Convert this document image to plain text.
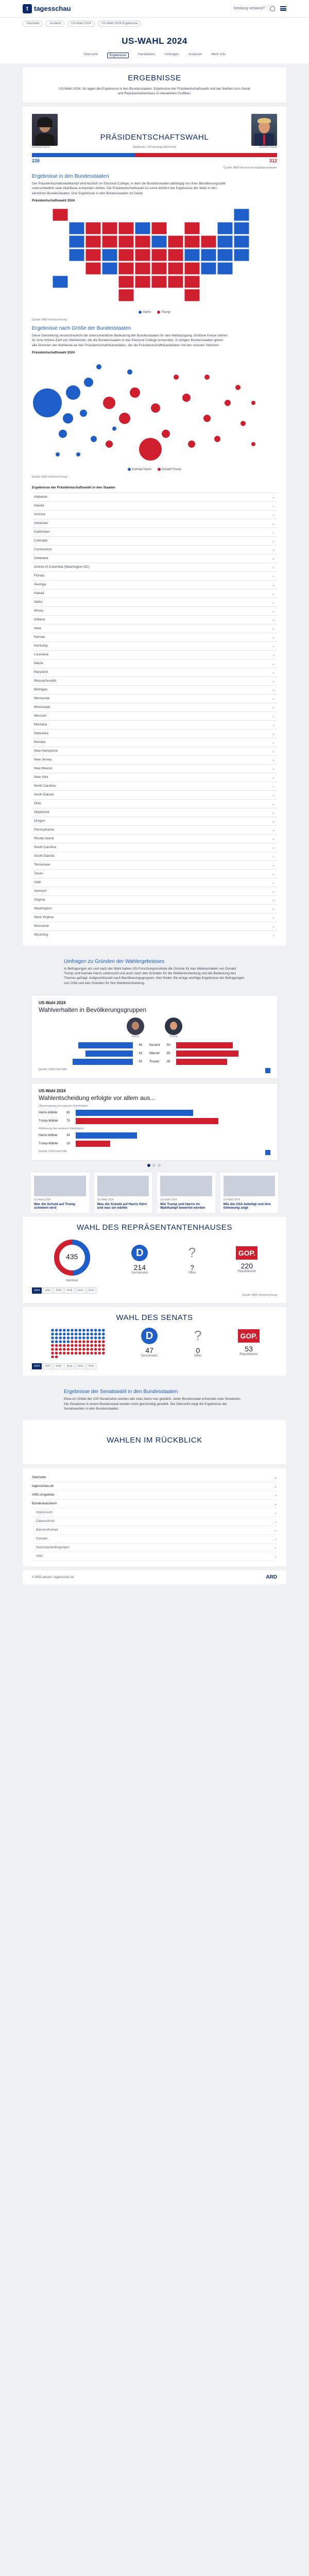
t tagesschau	Sendung verpasst?
Startseite	Ausland	US-Wahl 2024	US-Wahl 2024 Ergebnisse
US-WAHL 2024
Übersicht	Ergebnisse	Kandidaten	Umfragen	Analysen	Mehr Info
ERGEBNISSE

US-Wahl 2024: So lagen die Ergebnisse in den Bundesstaaten. Ergebnisse der Präsidentschaftswahl und der Wahlen zum Senat und Repräsentantenhaus in interaktiven Grafiken.

Kamala Harris
PRÄSIDENTSCHAFTSWAHL
Wahlleute: 270 benötigt (Mehrheit)	Donald Trump
226	312
Quelle: ARD-Hochrechnung/Datenanbieter
Ergebnisse in den Bundesstaaten

Der Präsidentschaftswahlkampf wird letztlich im Electoral College, in dem die Bundesstaaten abhängig von ihrer Bevölkerungszahl unterschiedlich viele Wahlleute entsenden dürfen. Die Präsidentschaftswahl ist somit letztlich die Ergebnisse der Wahl in den einzelnen Bundesstaaten. Drei Ergebnisse in den Bundesstaaten im Detail.

Präsidentschaftswahl 2024
Harris	Trump
Quelle: ARD-Hochrechnung
Ergebnisse nach Größe der Bundesstaaten

Diese Darstellung veranschaulicht die unterschiedliche Bedeutung der Bundesstaaten für den Wahlausgang. Größere Kreise stehen für eine höhere Zahl von Wahlleuten, die die Bundesstaaten in das Electoral College entsenden. In einigen Bundesstaaten gehen alle Stimmen der Wahlleute an den Präsidentschaftskandidaten, der die Präsidentschaftskandidaten mit den meisten Stimmen.

Präsidentschaftswahl 2024
Kamala Harris	Donald Trump
Quelle: ARD-Hochrechnung
Ergebnisse der Präsidentschaftswahl in den Staaten
Alabama	⌄
Alaska	⌄
Arizona	⌄
Arkansas	⌄
Kalifornien	⌄
Colorado	⌄
Connecticut	⌄
Delaware	⌄
District of Columbia (Washington DC)	⌄
Florida	⌄
Georgia	⌄
Hawaii	⌄
Idaho	⌄
Illinois	⌄
Indiana	⌄
Iowa	⌄
Kansas	⌄
Kentucky	⌄
Louisiana	⌄
Maine	⌄
Maryland	⌄
Massachusetts	⌄
Michigan	⌄
Minnesota	⌄
Mississippi	⌄
Missouri	⌄
Montana	⌄
Nebraska	⌄
Nevada	⌄
New Hampshire	⌄
New Jersey	⌄
New Mexico	⌄
New York	⌄
North Carolina	⌄
North Dakota	⌄
Ohio	⌄
Oklahoma	⌄
Oregon	⌄
Pennsylvania	⌄
Rhode Island	⌄
South Carolina	⌄
South Dakota	⌄
Tennessee	⌄
Texas	⌄
Utah	⌄
Vermont	⌄
Virginia	⌄
Washington	⌄
West Virginia	⌄
Wisconsin	⌄
Wyoming	⌄
Umfragen zu Gründen der Wahlergebnisses

In Befragungen am und nach der Wahl haben US-Forschungsinstitute die Gründe für das Wahlverhalten von Donald Trump und Kamala Harris untersucht und auch nach den Gründen für die Wahlentscheidung und die Bedeutung des Themas gefragt. Aufgeschlüsselt nach Bevölkerungsgruppen. Hier finden Sie einige wichtige Ergebnisse der Befragungen von CNN und den Gründen für ihre Wahlentscheidung.

US-Wahl 2024
Wahlverhalten in Bevölkerungsgruppen
Harris	Trump
48	Gesamt	50
42	Männer	55
53	Frauen	45
Quelle: CNN Exit Polls
US-Wahl 2024
Wahlentscheidung erfolgte vor allem aus...
Überzeugung vom eigenen Kandidaten
Harris-Wähler	65
Trump-Wähler	79
Ablehnung des anderen Kandidaten
Harris-Wähler	34
Trump-Wähler	19
Quelle: CNN Exit Polls

US-Wahl 2024
Wer die Schuld auf Trump schieben wird
US-Wahl 2024
Was die Schuld auf Harris führt und was sie wählte
US-Wahl 2024
Wie Trump und Harris im Wahlkampf bewertet werden
US-Wahl 2024
Wie die USA beteiligt und ihre Stimmung zeigt
WAHL DES REPRÄSENTANTENHAUSES
435
Mehrheit
D
214
Demokraten
?
?
Offen
GOP.
220
Republikaner
2024	2022	2020	2018	2016	2014
Quelle: ARD-Hochrechnung
WAHL DES SENATS
D
47
Demokraten
?
0
Offen
GOP.
53
Republikaner
2024	2022	2020	2018	2016	2014
Ergebnisse der Senatswahl in den Bundesstaaten

Etwa ein Drittel der 100 Senatssitze werden alle zwei Jahre neu gewählt. Jeder Bundesstaat entsendet zwei Senatoren. Die Senatoren in einem Bundesstaat werden nicht gleichzeitig gewählt. Die Übersicht zeigt die Ergebnisse der Senatswahlen in den Bundesstaaten.

WAHLEN IM RÜCKBLICK
Startseite	⌄
tagesschau.de	⌄
ARD-Angebote	⌄
Bundeskanzlerin	⌄
Impressum	⌄
Datenschutz	⌄
Barrierefreiheit	⌄
Kontakt	⌄
Nutzungsbedingungen	⌄
Hilfe	⌄
© ARD-aktuell / tagesschau.de	ARD
